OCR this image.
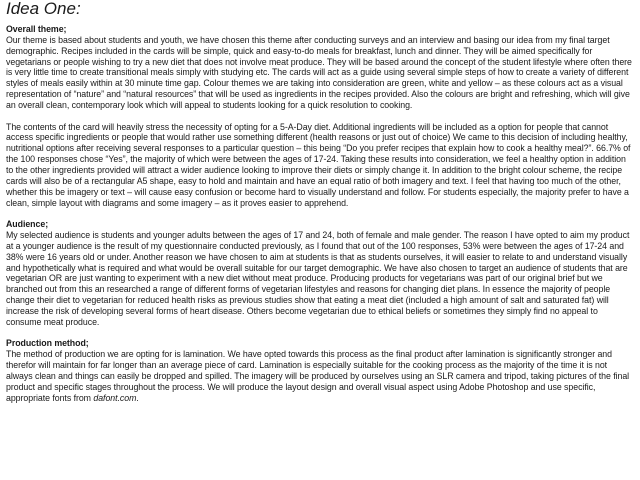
Idea One:

Overall theme;

Our theme is based about students and youth, we have chosen this theme after conducting surveys and an interview and basing our idea from my final target demographic. Recipes included in the cards will be simple, quick and easy-to-do meals for breakfast, lunch and dinner. They will be aimed specifically for vegetarians or people wishing to try a new diet that does not involve meat produce. They will be based around the concept of the student lifestyle where often there is very little time to create transitional meals simply with studying etc. The cards will act as a guide using several simple steps of how to create a variety of different styles of meals easily within at 30 minute time gap. Colour themes we are taking into consideration are green, white and yellow – as these colours act as a visual representation of “nature” and “natural resources” that will be used as ingredients in the recipes provided. Also the colours are bright and refreshing, which will give an overall clean, contemporary look which will appeal to students looking for a quick resolution to cooking.

The contents of the card will heavily stress the necessity of opting for a 5-A-Day diet. Additional ingredients will be included as a option for people that cannot access specific ingredients or people that would rather use something different (health reasons or just out of choice) We came to this decision of including healthy, nutritional options after receiving several responses to a particular question – this being “Do you prefer recipes that explain how to cook a healthy meal?”. 66.7% of the 100 responses chose “Yes”, the majority of which were between the ages of 17-24. Taking these results into consideration, we feel a healthy option in addition to the other ingredients provided will attract a wider audience looking to improve their diets or simply change it. In addition to the bright colour scheme, the recipe cards will also be of a rectangular A5 shape, easy to hold and maintain and have an equal ratio of both imagery and text. I feel that having too much of the other, whether this be imagery or text – will cause easy confusion or become hard to visually understand and follow. For students especially, the majority prefer to have a clean, simple layout with diagrams and some imagery – as it proves easier to apprehend.

Audience;

My selected audience is students and younger adults between the ages of 17 and 24, both of female and male gender. The reason I have opted to aim my product at a younger audience is the result of my questionnaire conducted previously, as I found that out of the 100 responses, 53% were between the ages of 17-24 and 38% were 16 years old or under. Another reason we have chosen to aim at students is that as students ourselves, it will easier to relate to and understand visually and hypothetically what is required and what would be overall suitable for our target demographic. We have also chosen to target an audience of students that are vegetarian OR are just wanting to experiment with a new diet without meat produce. Producing products for vegetarians was part of our original brief but we branched out from this an researched a range of different forms of vegetarian lifestyles and reasons for changing diet plans. In essence the majority of people change their diet to vegetarian for reduced health risks as previous studies show that eating a meat diet (included a high amount of salt and saturated fat) will increase the risk of developing several forms of heart disease. Others become vegetarian due to ethical beliefs or sometimes they simply find no appeal to consume meat produce.

Production method;

The method of production we are opting for is lamination. We have opted towards this process as the final product after lamination is significantly stronger and therefor will maintain for far longer than an average piece of card. Lamination is especially suitable for the cooking process as the majority of the time it is not always clean and things can easily be dropped and spilled. The imagery will be produced by ourselves using an SLR camera and tripod, taking pictures of the final product and specific stages throughout the process. We will produce the layout design and overall visual aspect using Adobe Photoshop and use specific, appropriate fonts from dafont.com.
